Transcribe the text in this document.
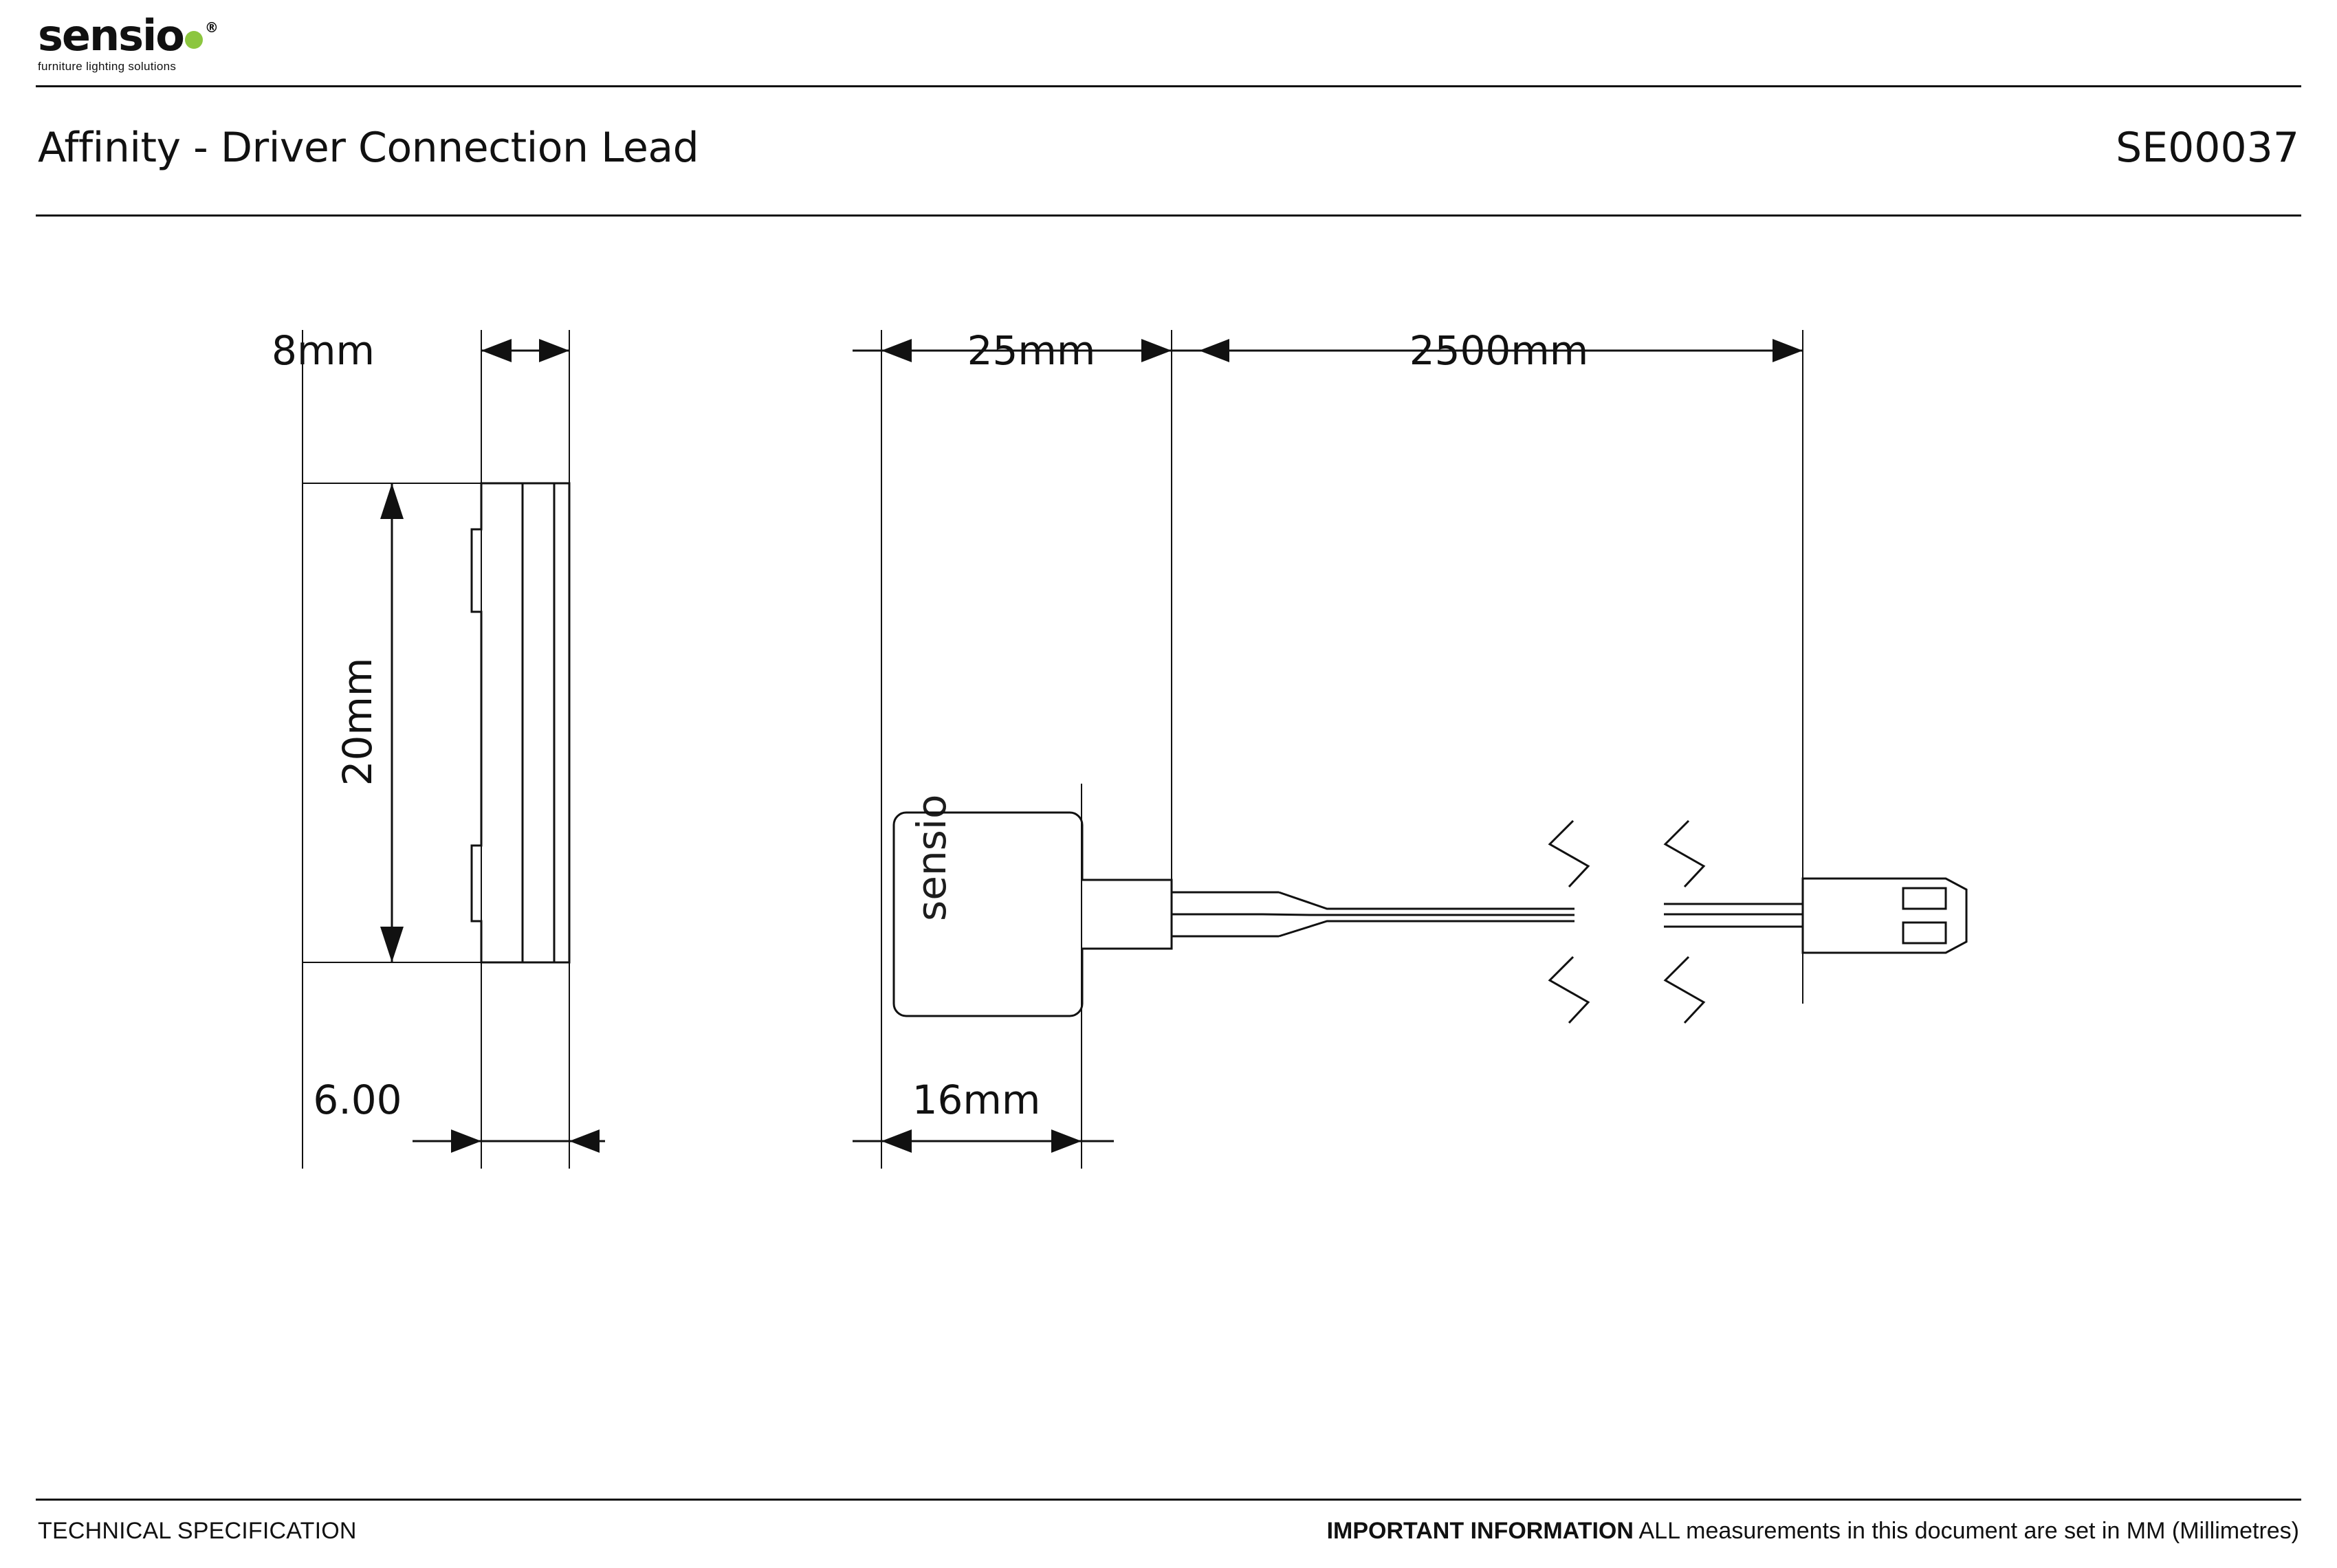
sensio ®
furniture lighting solutions
Affinity - Driver Connection Lead	SE00037
sensio
8mm
20mm
6.00
25mm	2500mm
16mm
TECHNICAL SPECIFICATION	IMPORTANT INFORMATION ALL measurements in this document are set in MM (Millimetres)
